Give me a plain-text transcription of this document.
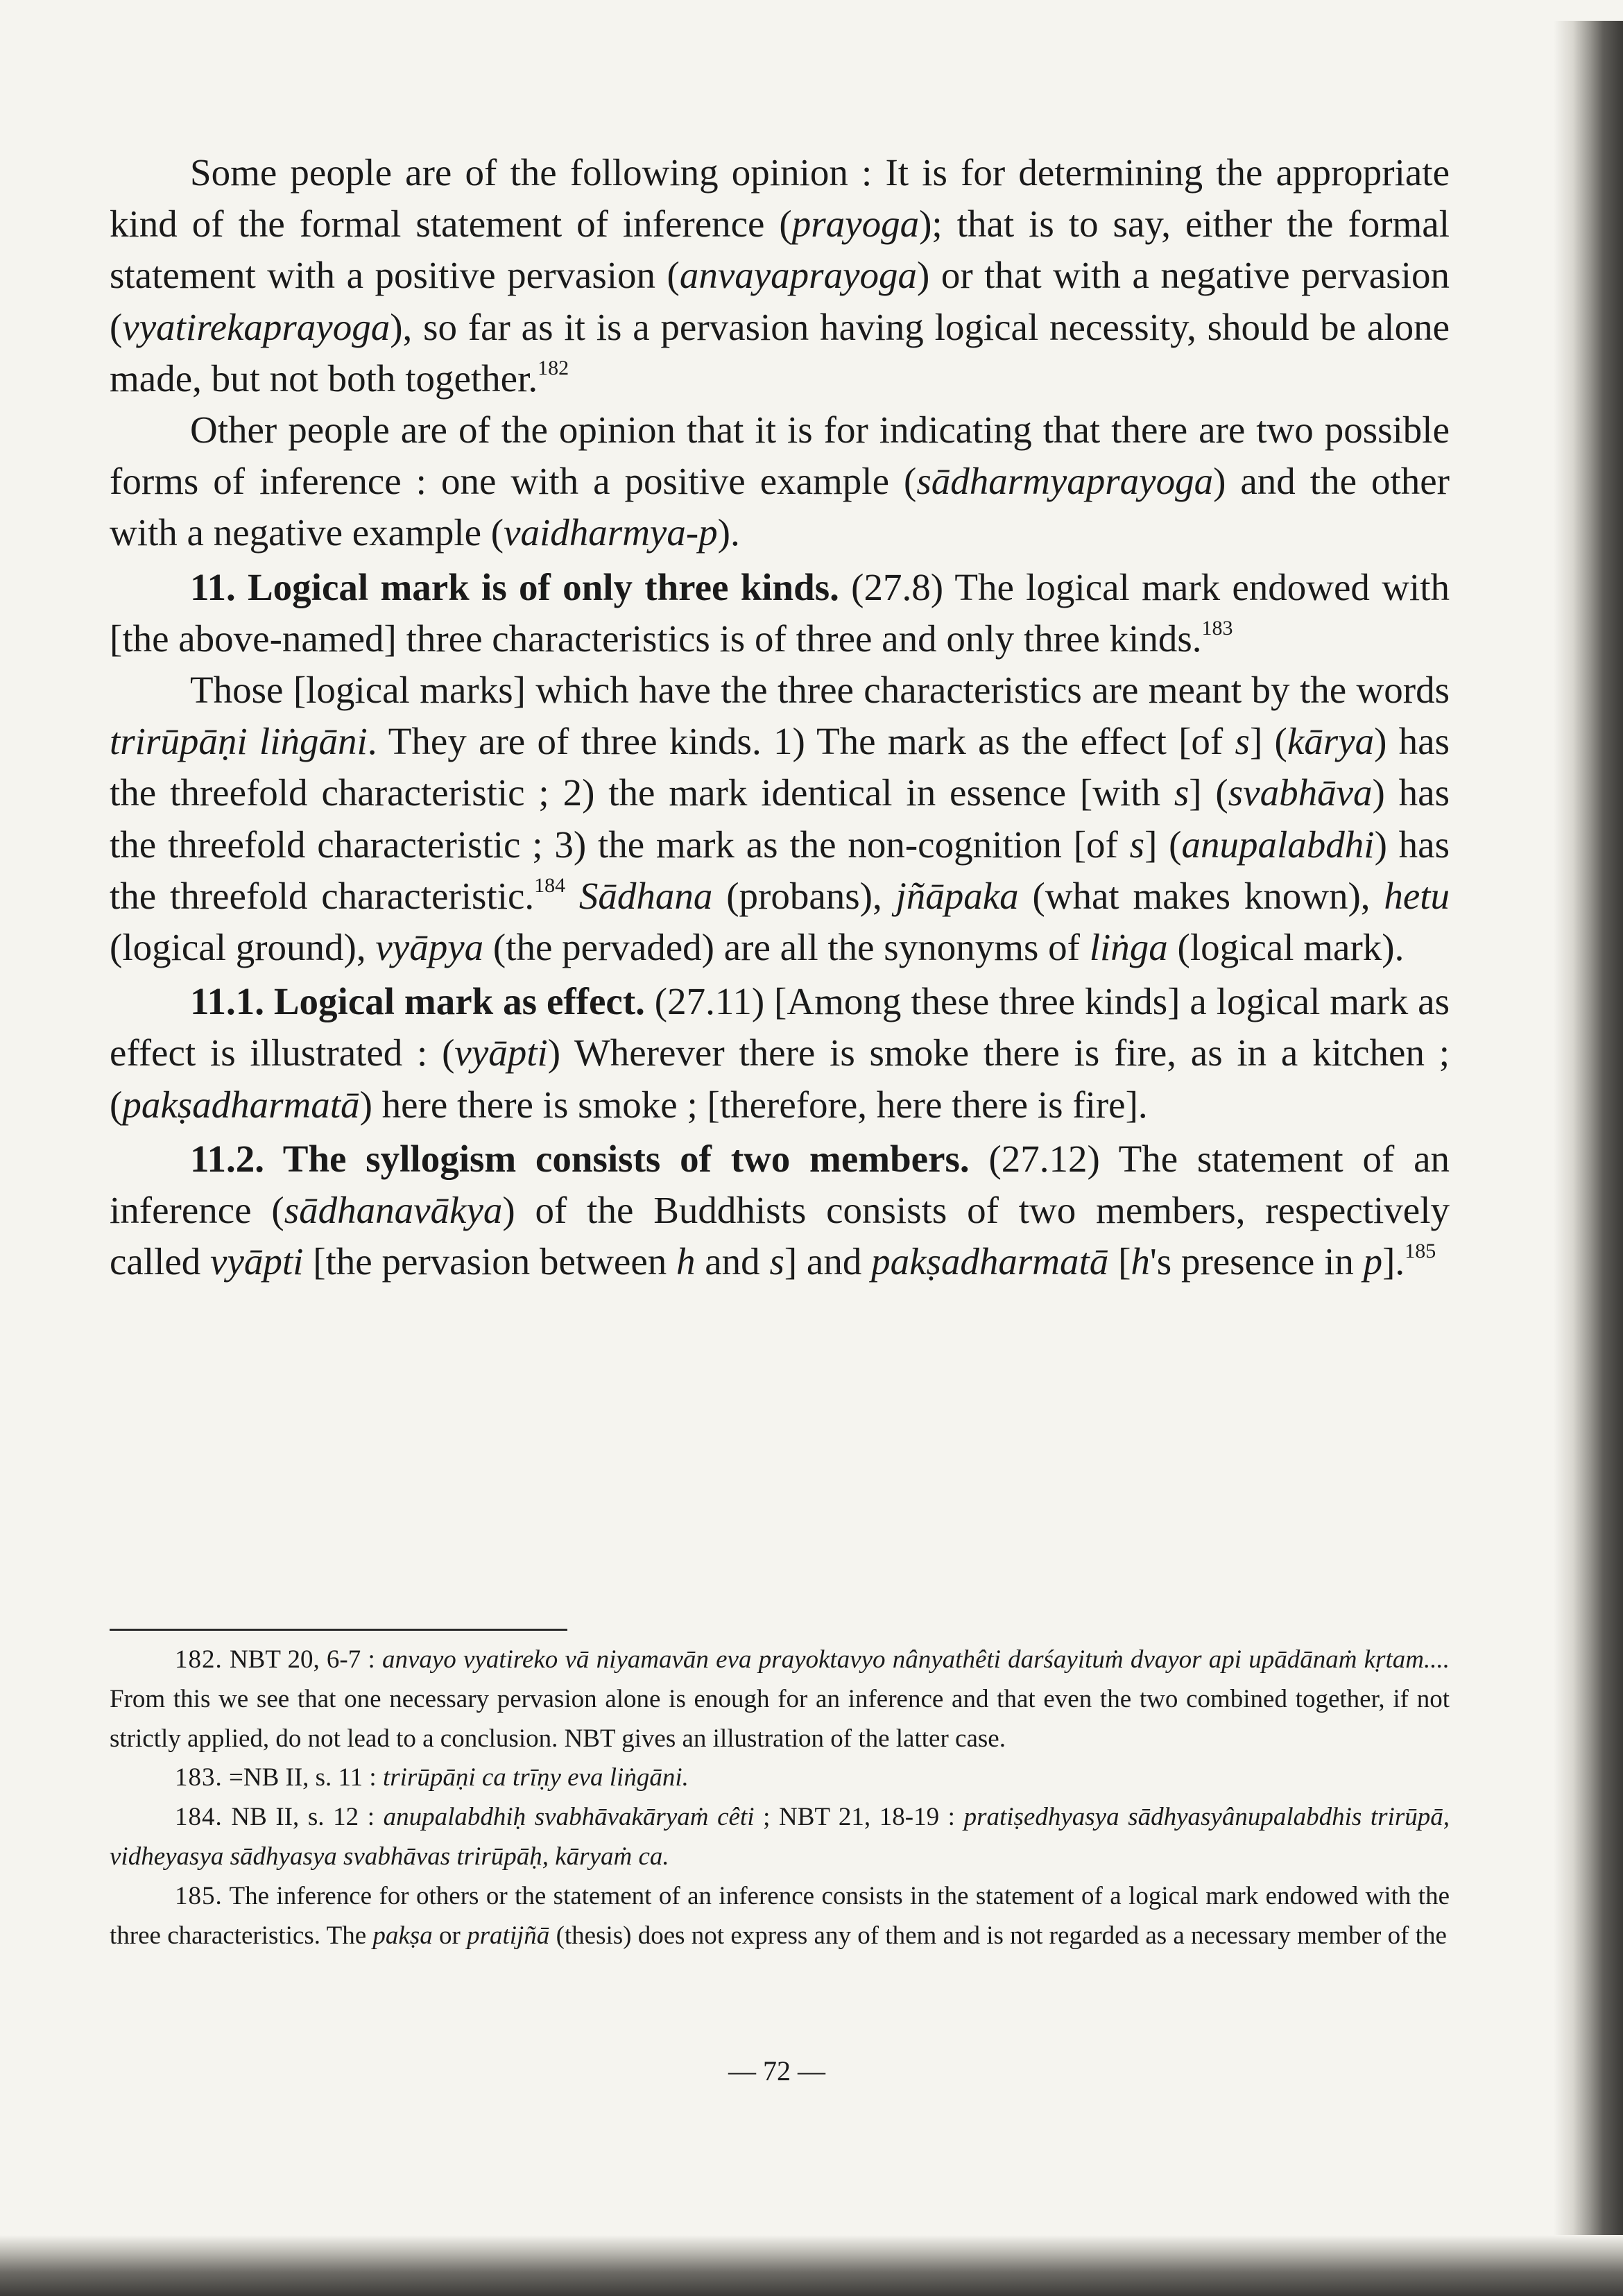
Some people are of the following opinion : It is for determining the appropriate kind of the formal statement of inference (prayoga); that is to say, either the formal statement with a positive pervasion (anvayaprayoga) or that with a negative pervasion (vyatirekaprayoga), so far as it is a pervasion having logical necessity, should be alone made, but not both together.$^{182}$

Other people are of the opinion that it is for indicating that there are two possible forms of inference : one with a positive example (sādharmyaprayoga) and the other with a negative example (vaidharmya-p).

11. Logical mark is of only three kinds. (27.8) The logical mark endowed with [the above-named] three characteristics is of three and only three kinds.$^{183}$

Those [logical marks] which have the three characteristics are meant by the words trirūpāṇi liṅgāni. They are of three kinds. 1) The mark as the effect [of s] (kārya) has the threefold characteristic ; 2) the mark identical in essence [with s] (svabhāva) has the threefold characteristic ; 3) the mark as the non-cognition [of s] (anupalabdhi) has the threefold characteristic.$^{184}$ Sādhana (probans), jñāpaka (what makes known), hetu (logical ground), vyāpya (the pervaded) are all the synonyms of liṅga (logical mark).

11.1. Logical mark as effect. (27.11) [Among these three kinds] a logical mark as effect is illustrated : (vyāpti) Wherever there is smoke there is fire, as in a kitchen ; (pakṣadharmatā) here there is smoke ; [therefore, here there is fire].

11.2. The syllogism consists of two members. (27.12) The statement of an inference (sādhanavākya) of the Buddhists consists of two members, respectively called vyāpti [the pervasion between h and s] and pakṣadharmatā [h's presence in p].$^{185}$

182. NBT 20, 6-7 : anvayo vyatireko vā niyamavān eva prayoktavyo nânyathêti darśayituṁ dvayor api upādānaṁ kṛtam.... From this we see that one necessary pervasion alone is enough for an inference and that even the two combined together, if not strictly applied, do not lead to a conclusion. NBT gives an illustration of the latter case.

183. =NB II, s. 11 : trirūpāṇi ca trīṇy eva liṅgāni.

184. NB II, s. 12 : anupalabdhiḥ svabhāvakāryaṁ cêti ; NBT 21, 18-19 : pratiṣedhyasya sādhyasyânupalabdhis trirūpā, vidheyasya sādhyasya svabhāvas trirūpāḥ, kāryaṁ ca.

185. The inference for others or the statement of an inference consists in the statement of a logical mark endowed with the three characteristics. The pakṣa or pratijñā (thesis) does not express any of them and is not regarded as a necessary member of the

— 72 —
